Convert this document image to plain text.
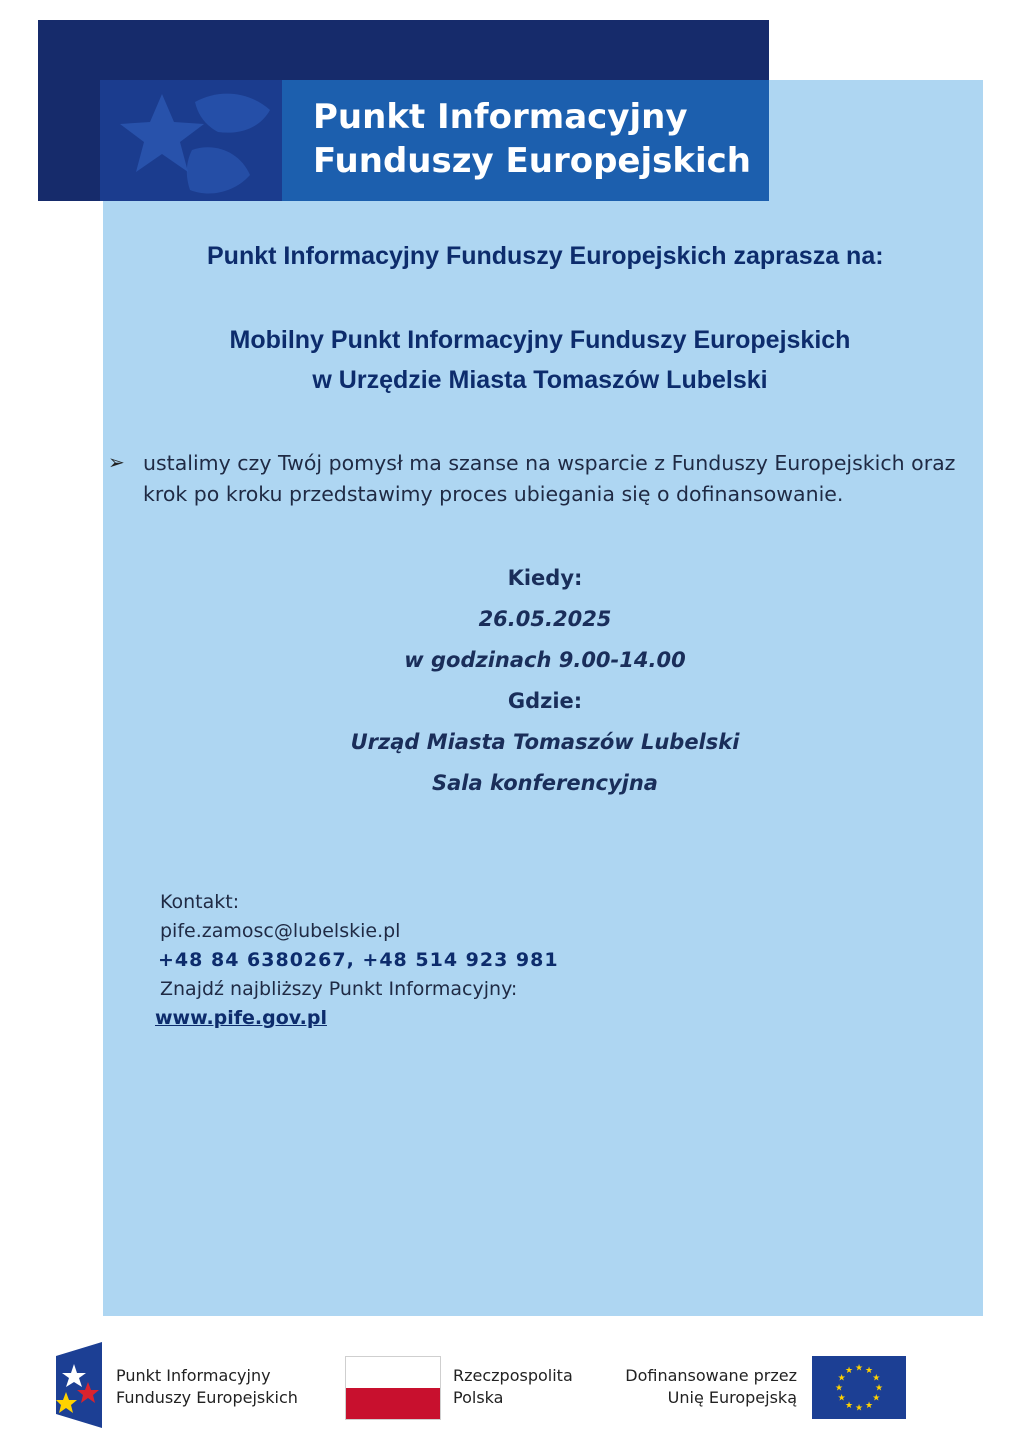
Punkt Informacyjny
Funduszy Europejskich
Punkt Informacyjny Funduszy Europejskich zaprasza na:
Mobilny Punkt Informacyjny Funduszy Europejskich
w Urzędzie Miasta Tomaszów Lubelski
➢ ustalimy czy Twój pomysł ma szanse na wsparcie z Funduszy Europejskich oraz krok po kroku przedstawimy proces ubiegania się o dofinansowanie.
Kiedy:
26.05.2025
w godzinach 9.00-14.00
Gdzie:
Urząd Miasta Tomaszów Lubelski
Sala konferencyjna
Kontakt:
pife.zamosc@lubelskie.pl
+48 84 6380267, +48 514 923 981
Znajdź najbliższy Punkt Informacyjny:
www.pife.gov.pl
Punkt Informacyjny
Funduszy Europejskich
Rzeczpospolita
Polska
Dofinansowane przez
Unię Europejską	★
★
★
★
★
★
★
★
★ ★ ★
★
